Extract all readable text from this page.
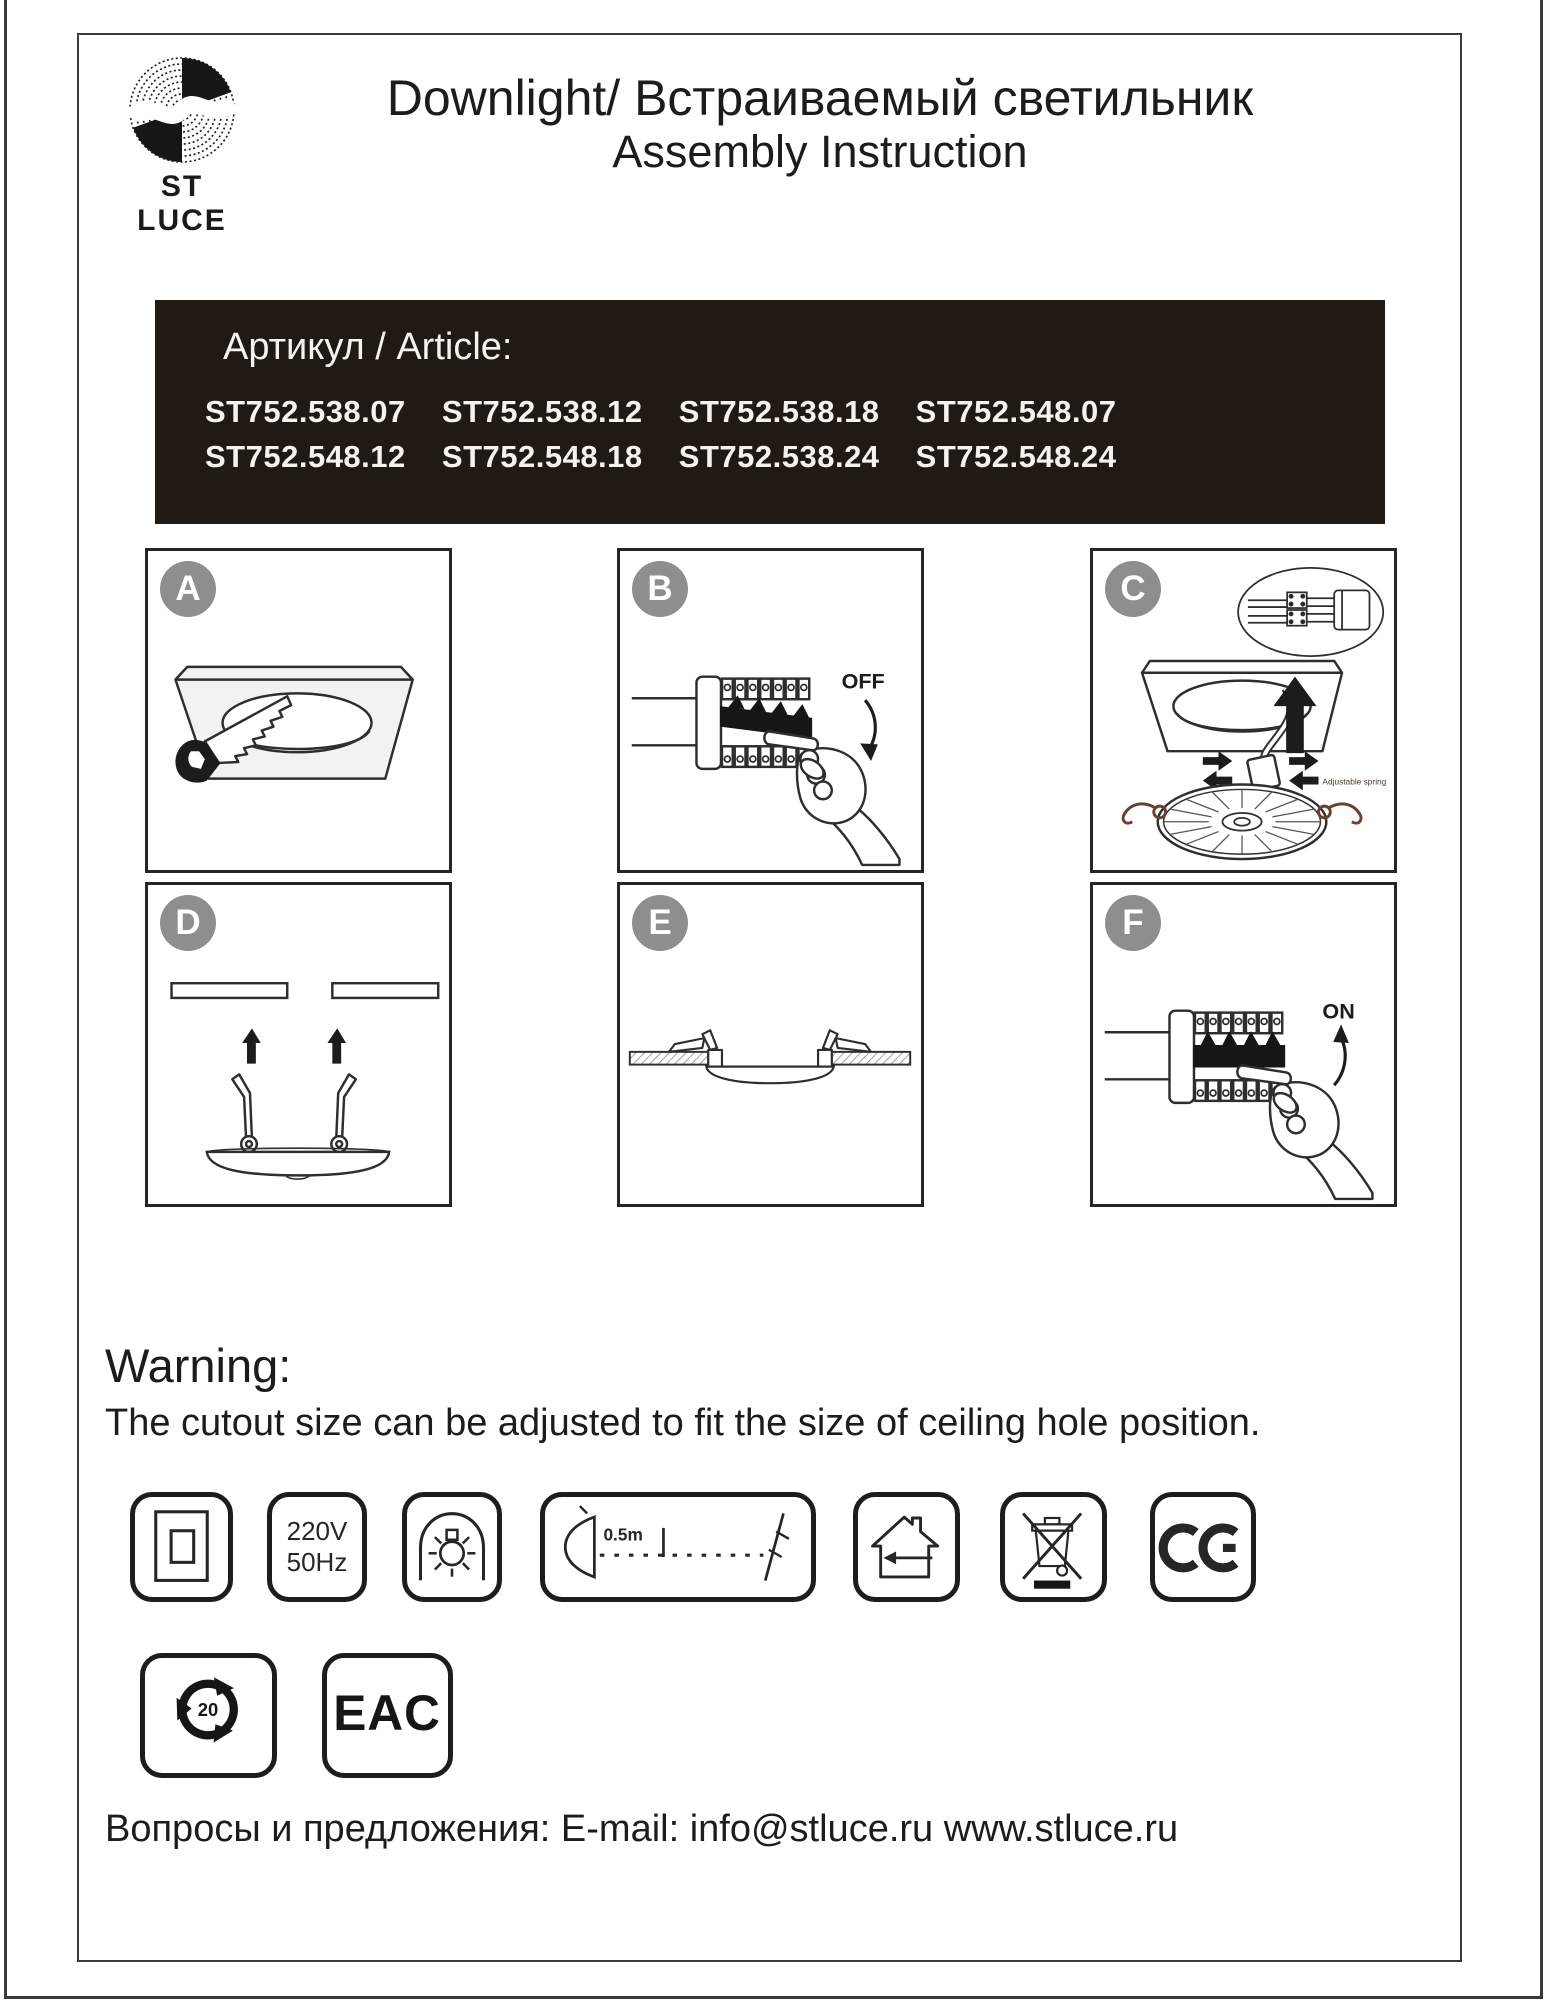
ST LUCE
Downlight/ Встраиваемый светильник
Assembly Instruction
Артикул / Article:
ST752.538.07 ST752.538.12 ST752.538.18 ST752.548.07
ST752.548.12 ST752.548.18 ST752.538.24 ST752.548.24
A	B
OFF
C
Adjustable spring
D	E	F
ON
Warning:
The cutout size can be adjusted to fit the size of ceiling hole position.
220V
50Hz
0.5m
20 EAC
Вопросы и предложения: E-mail: info@stluce.ru www.stluce.ru
